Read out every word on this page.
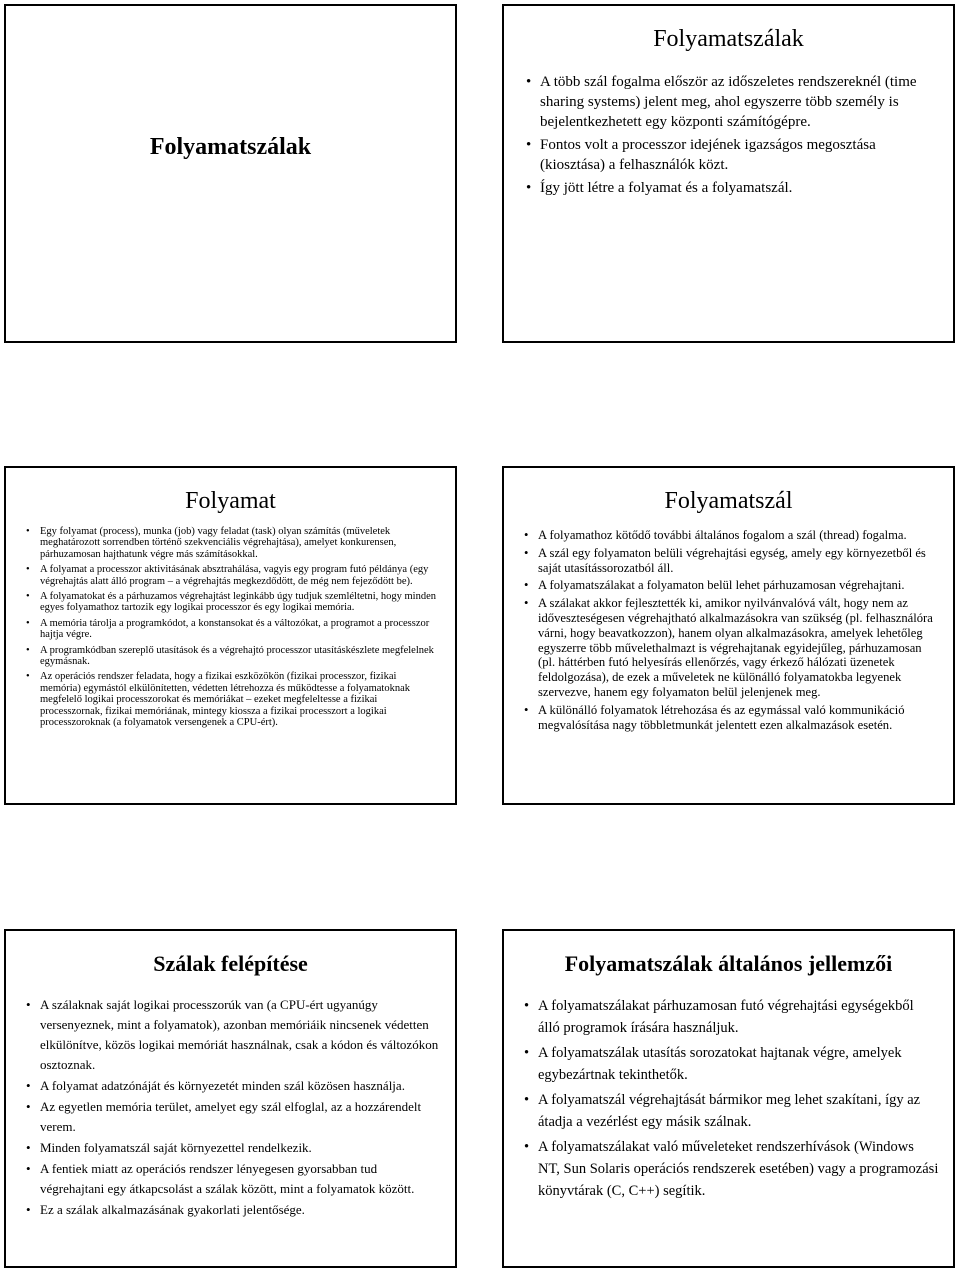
Folyamatszálak
Folyamatszálak
• A több szál fogalma először az időszeletes rendszereknél (time sharing systems) jelent meg, ahol egyszerre több személy is bejelentkezhetett egy központi számítógépre.
• Fontos volt a processzor idejének igazságos megosztása (kiosztása) a felhasználók közt.
• Így jött létre a folyamat és a folyamatszál.
Folyamat
• Egy folyamat (process), munka (job) vagy feladat (task) olyan számítás (műveletek meghatározott sorrendben történő szekvenciális végrehajtása), amelyet konkurensen, párhuzamosan hajthatunk végre más számításokkal.
• A folyamat a processzor aktivitásának absztrahálása, vagyis egy program futó példánya (egy végrehajtás alatt álló program – a végrehajtás megkezdődött, de még nem fejeződött be).
• A folyamatokat és a párhuzamos végrehajtást leginkább úgy tudjuk szemléltetni, hogy minden egyes folyamathoz tartozik egy logikai processzor és egy logikai memória.
• A memória tárolja a programkódot, a konstansokat és a változókat, a programot a processzor hajtja végre.
• A programkódban szereplő utasítások és a végrehajtó processzor utasításkészlete megfelelnek egymásnak.
• Az operációs rendszer feladata, hogy a fizikai eszközökön (fizikai processzor, fizikai memória) egymástól elkülönítetten, védetten létrehozza és működtesse a folyamatoknak megfelelő logikai processzorokat és memóriákat – ezeket megfeleltesse a fizikai processzornak, fizikai memóriának, mintegy kiossza a fizikai processzort a logikai processzoroknak (a folyamatok versengenek a CPU-ért).
Folyamatszál
• A folyamathoz kötődő további általános fogalom a szál (thread) fogalma.
• A szál egy folyamaton belüli végrehajtási egység, amely egy környezetből és saját utasítássorozatból áll.
• A folyamatszálakat a folyamaton belül lehet párhuzamosan végrehajtani.
• A szálakat akkor fejlesztették ki, amikor nyilvánvalóvá vált, hogy nem az időveszteségesen végrehajtható alkalmazásokra van szükség (pl. felhasználóra várni, hogy beavatkozzon), hanem olyan alkalmazásokra, amelyek lehetőleg egyszerre több művelethalmazt is végrehajtanak egyidejűleg, párhuzamosan (pl. háttérben futó helyesírás ellenőrzés, vagy érkező hálózati üzenetek feldolgozása), de ezek a műveletek ne különálló folyamatokba legyenek szervezve, hanem egy folyamaton belül jelenjenek meg.
• A különálló folyamatok létrehozása és az egymással való kommunikáció megvalósítása nagy többletmunkát jelentett ezen alkalmazások esetén.
Szálak felépítése
• A szálaknak saját logikai processzorúk van (a CPU-ért ugyanúgy versenyeznek, mint a folyamatok), azonban memóriáik nincsenek védetten elkülönítve, közös logikai memóriát használnak, csak a kódon és változókon osztoznak.
• A folyamat adatzónáját és környezetét minden szál közösen használja.
• Az egyetlen memória terület, amelyet egy szál elfoglal, az a hozzárendelt verem.
• Minden folyamatszál saját környezettel rendelkezik.
• A fentiek miatt az operációs rendszer lényegesen gyorsabban tud végrehajtani egy átkapcsolást a szálak között, mint a folyamatok között.
• Ez a szálak alkalmazásának gyakorlati jelentősége.
Folyamatszálak általános jellemzői
• A folyamatszálakat párhuzamosan futó végrehajtási egységekből álló programok írására használjuk.
• A folyamatszálak utasítás sorozatokat hajtanak végre, amelyek egybezártnak tekinthetők.
• A folyamatszál végrehajtását bármikor meg lehet szakítani, így az átadja a vezérlést egy másik szálnak.
• A folyamatszálakat való műveleteket rendszerhívások (Windows NT, Sun Solaris operációs rendszerek esetében) vagy a programozási könyvtárak (C, C++) segítik.
